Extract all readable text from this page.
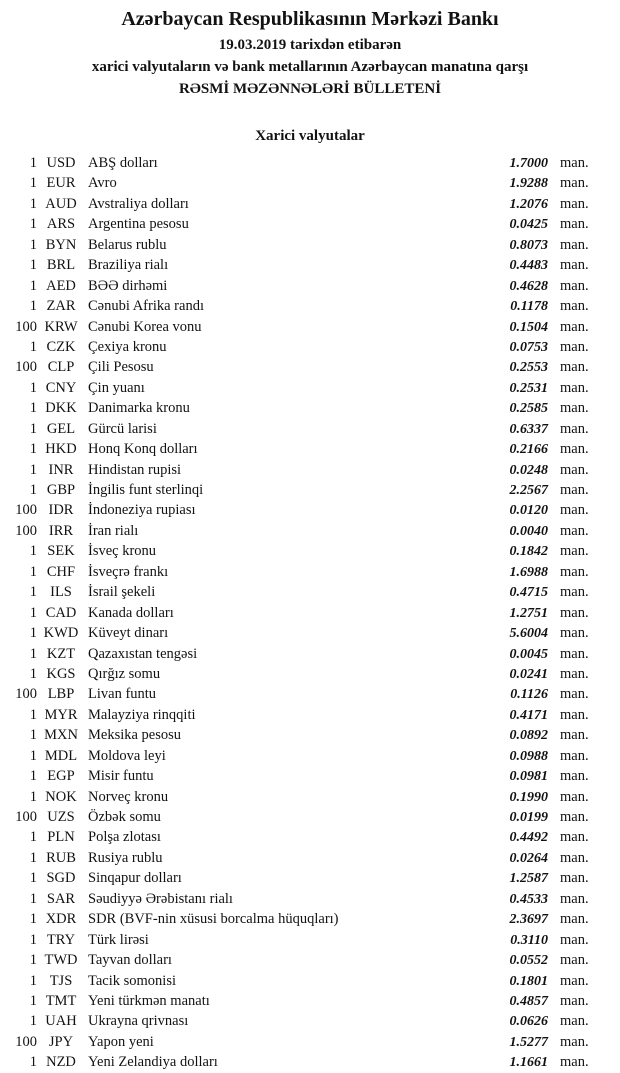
Azərbaycan Respublikasının Mərkəzi Bankı
19.03.2019 tarixdən etibarən
xarici valyutaların və bank metallarının Azərbaycan manatına qarşı
RƏSMİ MƏZƏNNƏLƏRİ BÜLLETENİ
Xarici valyutalar
1 USD ABŞ dolları	1.7000 man.
1 EUR Avro	1.9288 man.
1 AUD Avstraliya dolları	1.2076 man.
1 ARS Argentina pesosu	0.0425 man.
1 BYN Belarus rublu	0.8073 man.
1 BRL Braziliya rialı	0.4483 man.
1 AED BƏƏ dirhəmi	0.4628 man.
1 ZAR Cənubi Afrika randı	0.1178 man.
100 KRW Cənubi Korea vonu	0.1504 man.
1 CZK Çexiya kronu	0.0753 man.
100 CLP Çili Pesosu	0.2553 man.
1 CNY Çin yuanı	0.2531 man.
1 DKK Danimarka kronu	0.2585 man.
1 GEL Gürcü larisi	0.6337 man.
1 HKD Honq Konq dolları	0.2166 man.
1 INR	Hindistan rupisi	0.0248 man.
1 GBP İngilis funt sterlinqi	2.2567 man.
100 IDR	İndoneziya rupiası	0.0120 man.
100 IRR	İran rialı	0.0040 man.
1 SEK İsveç kronu	0.1842 man.
1 CHF İsveçrə frankı	1.6988 man.
1 ILS	İsrail şekeli	0.4715 man.
1 CAD Kanada dolları	1.2751 man.
1 KWD Küveyt dinarı	5.6004 man.
1 KZT Qazaxıstan tengəsi	0.0045 man.
1 KGS Qırğız somu	0.0241 man.
100 LBP Livan funtu	0.1126 man.
1 MYR Malayziya rinqqiti	0.4171 man.
1 MXN Meksika pesosu	0.0892 man.
1 MDL Moldova leyi	0.0988 man.
1 EGP Misir funtu	0.0981 man.
1 NOK Norveç kronu	0.1990 man.
100 UZS Özbək somu	0.0199 man.
1 PLN Polşa zlotası	0.4492 man.
1 RUB Rusiya rublu	0.0264 man.
1 SGD Sinqapur dolları	1.2587 man.
1 SAR Səudiyyə Ərəbistanı rialı	0.4533 man.
1 XDR SDR (BVF-nin xüsusi borcalma hüquqları)	2.3697 man.
1 TRY Türk lirəsi	0.3110 man.
1 TWD Tayvan dolları	0.0552 man.
1 TJS	Tacik somonisi	0.1801 man.
1 TMT Yeni türkmən manatı	0.4857 man.
1 UAH Ukrayna qrivnası	0.0626 man.
100 JPY	Yapon yeni	1.5277 man.
1 NZD Yeni Zelandiya dolları	1.1661 man.
